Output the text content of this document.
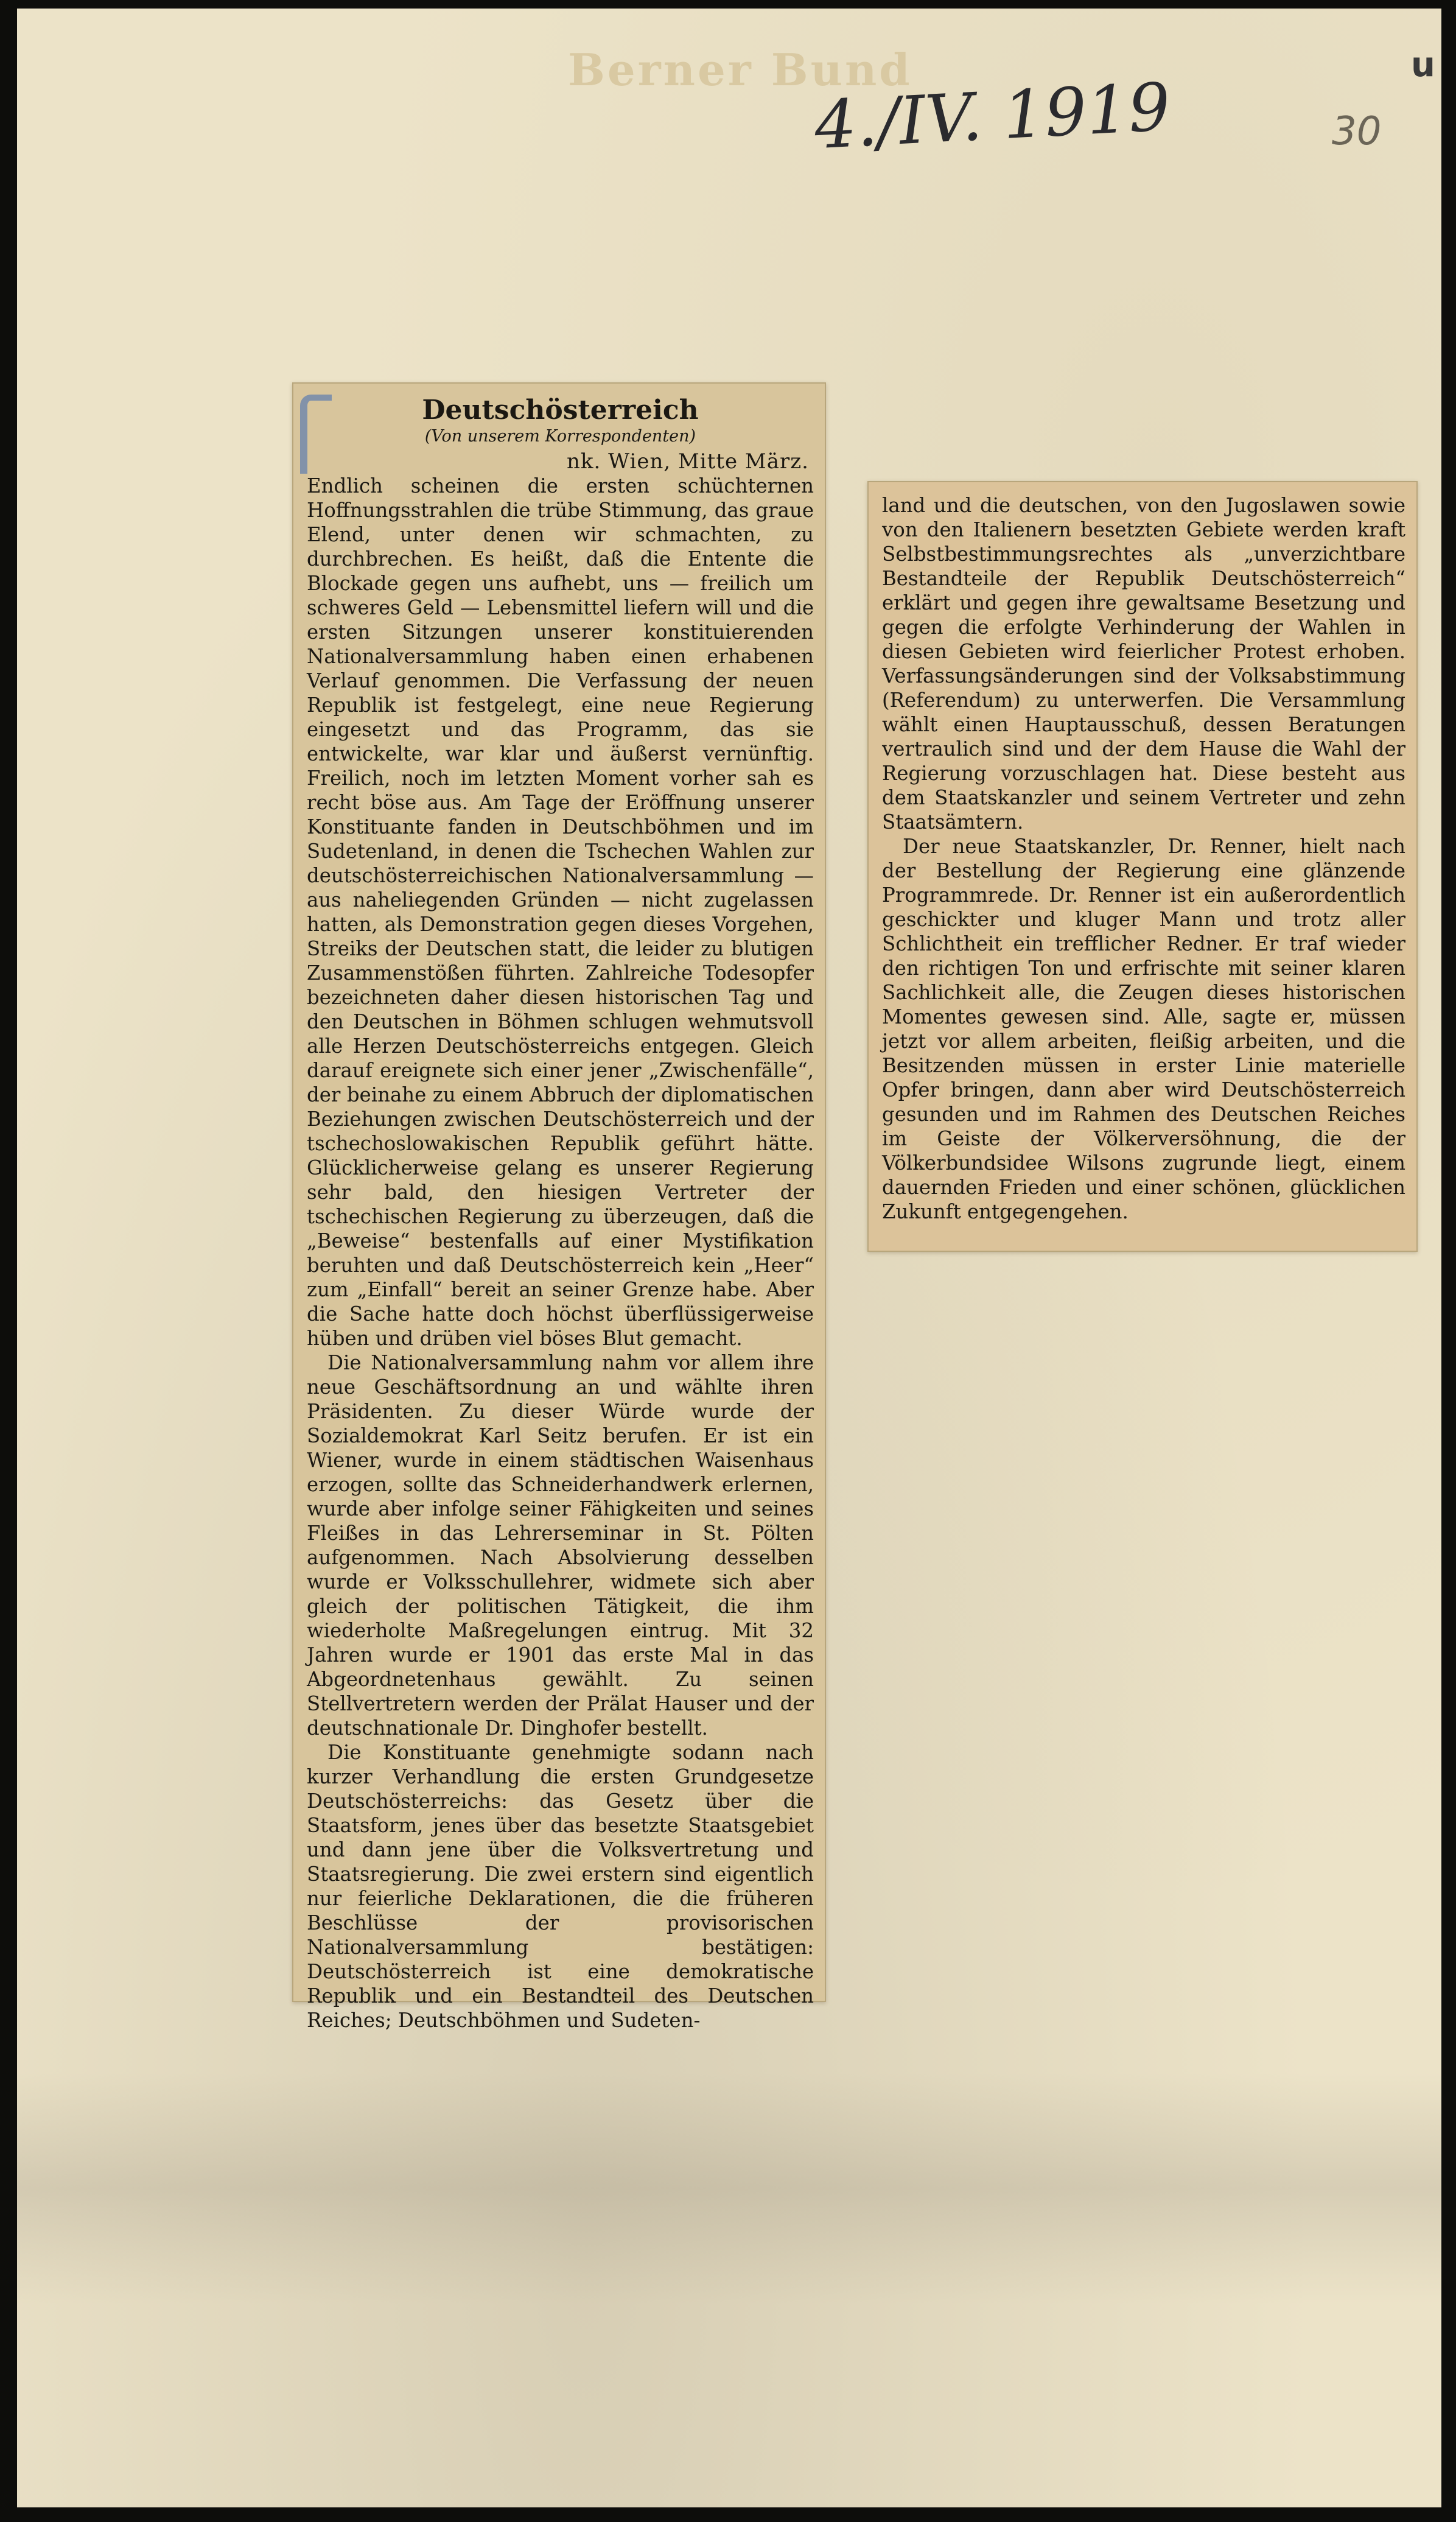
Berner Bund
4./IV. 1919	30
u

Deutschösterreich

(Von unserem Korrespondenten)

nk. Wien, Mitte März.

Endlich scheinen die ersten schüchternen Hoffnungsstrahlen die trübe Stimmung, das graue Elend, unter denen wir schmachten, zu durchbrechen. Es heißt, daß die Entente die Blockade gegen uns aufhebt, uns — freilich um schweres Geld — Lebensmittel liefern will und die ersten Sitzungen unserer konstituierenden Nationalversammlung haben einen erhabenen Verlauf genommen. Die Verfassung der neuen Republik ist festgelegt, eine neue Regierung eingesetzt und das Programm, das sie entwickelte, war klar und äußerst vernünftig. Freilich, noch im letzten Moment vorher sah es recht böse aus. Am Tage der Eröffnung unserer Konstituante fanden in Deutschböhmen und im Sudetenland, in denen die Tschechen Wahlen zur deutschösterreichischen Nationalversammlung — aus naheliegenden Gründen — nicht zugelassen hatten, als Demonstration gegen dieses Vorgehen, Streiks der Deutschen statt, die leider zu blutigen Zusammenstößen führten. Zahlreiche Todesopfer bezeichneten daher diesen historischen Tag und den Deutschen in Böhmen schlugen wehmutsvoll alle Herzen Deutschösterreichs entgegen. Gleich darauf ereignete sich einer jener „Zwischenfälle“, der beinahe zu einem Abbruch der diplomatischen Beziehungen zwischen Deutschösterreich und der tschechoslowakischen Republik geführt hätte. Glücklicherweise gelang es unserer Regierung sehr bald, den hiesigen Vertreter der tschechischen Regierung zu überzeugen, daß die „Beweise“ bestenfalls auf einer Mystifikation beruhten und daß Deutschösterreich kein „Heer“ zum „Einfall“ bereit an seiner Grenze habe. Aber die Sache hatte doch höchst überflüssigerweise hüben und drüben viel böses Blut gemacht.

Die Nationalversammlung nahm vor allem ihre neue Geschäftsordnung an und wählte ihren Präsidenten. Zu dieser Würde wurde der Sozialdemokrat Karl Seitz berufen. Er ist ein Wiener, wurde in einem städtischen Waisenhaus erzogen, sollte das Schneiderhandwerk erlernen, wurde aber infolge seiner Fähigkeiten und seines Fleißes in das Lehrerseminar in St. Pölten aufgenommen. Nach Absolvierung desselben wurde er Volksschullehrer, widmete sich aber gleich der politischen Tätigkeit, die ihm wiederholte Maßregelungen eintrug. Mit 32 Jahren wurde er 1901 das erste Mal in das Abgeordnetenhaus gewählt. Zu seinen Stellvertretern werden der Prälat Hauser und der deutschnationale Dr. Dinghofer bestellt.

Die Konstituante genehmigte sodann nach kurzer Verhandlung die ersten Grundgesetze Deutschösterreichs: das Gesetz über die Staatsform, jenes über das besetzte Staatsgebiet und dann jene über die Volksvertretung und Staatsregierung. Die zwei erstern sind eigentlich nur feierliche Deklarationen, die die früheren Beschlüsse der provisorischen Nationalversammlung bestätigen: Deutschösterreich ist eine demokratische Republik und ein Bestandteil des Deutschen Reiches; Deutschböhmen und Sudeten-

land und die deutschen, von den Jugoslawen sowie von den Italienern besetzten Gebiete werden kraft Selbstbestimmungsrechtes als „unverzichtbare Bestandteile der Republik Deutschösterreich“ erklärt und gegen ihre gewaltsame Besetzung und gegen die erfolgte Verhinderung der Wahlen in diesen Gebieten wird feierlicher Protest erhoben. Verfassungsänderungen sind der Volksabstimmung (Referendum) zu unterwerfen. Die Versammlung wählt einen Hauptausschuß, dessen Beratungen vertraulich sind und der dem Hause die Wahl der Regierung vorzuschlagen hat. Diese besteht aus dem Staatskanzler und seinem Vertreter und zehn Staatsämtern.

Der neue Staatskanzler, Dr. Renner, hielt nach der Bestellung der Regierung eine glänzende Programmrede. Dr. Renner ist ein außerordentlich geschickter und kluger Mann und trotz aller Schlichtheit ein trefflicher Redner. Er traf wieder den richtigen Ton und erfrischte mit seiner klaren Sachlichkeit alle, die Zeugen dieses historischen Momentes gewesen sind. Alle, sagte er, müssen jetzt vor allem arbeiten, fleißig arbeiten, und die Besitzenden müssen in erster Linie materielle Opfer bringen, dann aber wird Deutschösterreich gesunden und im Rahmen des Deutschen Reiches im Geiste der Völkerversöhnung, die der Völkerbundsidee Wilsons zugrunde liegt, einem dauernden Frieden und einer schönen, glücklichen Zukunft entgegengehen.
